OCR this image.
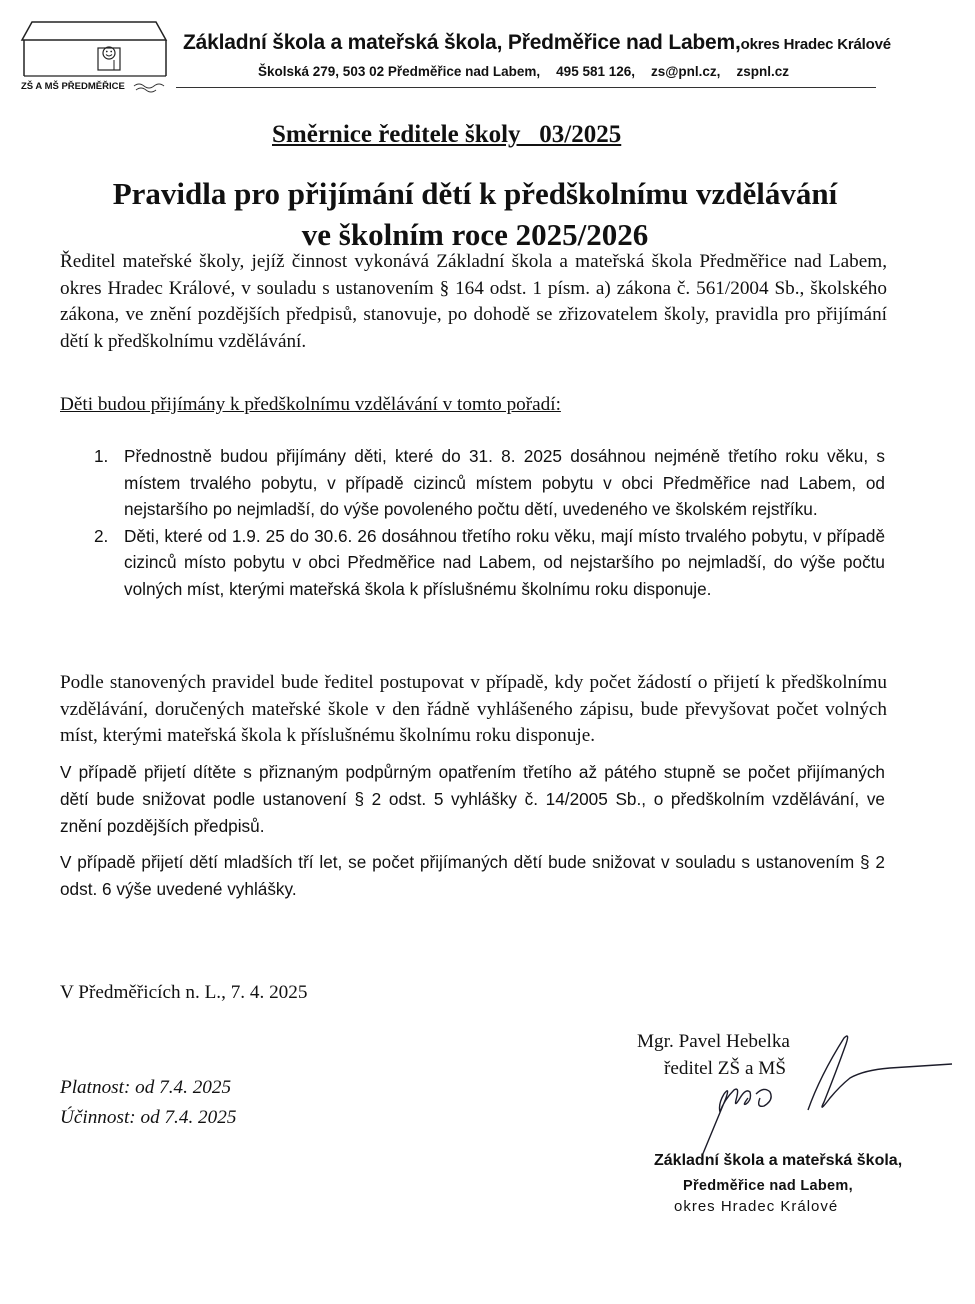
ZŠ A MŠ PŘEDMĚŘICE
Základní škola a mateřská škola, Předměřice nad Labem,okres Hradec Králové
Školská 279, 503 02 Předměřice nad Labem, 495 581 126, zs@pnl.cz, zspnl.cz
Směrnice ředitele školy   03/2025
Pravidla pro přijímání dětí k předškolnímu vzdělávání
ve školním roce 2025/2026
Ředitel mateřské školy, jejíž činnost vykonává Základní škola a mateřská škola Předměřice nad Labem, okres Hradec Králové, v souladu s ustanovením § 164 odst. 1 písm. a) zákona č. 561/2004 Sb., školského zákona, ve znění pozdějších předpisů, stanovuje, po dohodě se zřizovatelem školy, pravidla pro přijímání dětí k předškolnímu vzdělávání.
Děti budou přijímány k předškolnímu vzdělávání v tomto pořadí:
1. Přednostně budou přijímány děti, které do 31. 8. 2025 dosáhnou nejméně třetího roku věku, s místem trvalého pobytu, v případě cizinců místem pobytu v obci Předměřice nad Labem, od nejstaršího po nejmladší, do výše povoleného počtu dětí, uvedeného ve školském rejstříku.
2. Děti, které od 1.9. 25 do 30.6. 26 dosáhnou třetího roku věku, mají místo trvalého pobytu, v případě cizinců místo pobytu v obci Předměřice nad Labem, od nejstaršího po nejmladší, do výše počtu volných míst, kterými mateřská škola k příslušnému školnímu roku disponuje.
Podle stanovených pravidel bude ředitel postupovat v případě, kdy počet žádostí o přijetí k předškolnímu vzdělávání, doručených mateřské škole v den řádně vyhlášeného zápisu, bude převyšovat počet volných míst, kterými mateřská škola k příslušnému školnímu roku disponuje.
V případě přijetí dítěte s přiznaným podpůrným opatřením třetího až pátého stupně se počet přijímaných dětí bude snižovat podle ustanovení § 2 odst. 5 vyhlášky č. 14/2005 Sb., o předškolním vzdělávání, ve znění pozdějších předpisů.
V případě přijetí dětí mladších tří let, se počet přijímaných dětí bude snižovat v souladu s ustanovením § 2 odst. 6 výše uvedené vyhlášky.
V Předměřicích n. L., 7. 4. 2025
Mgr. Pavel Hebelka
ředitel ZŠ a MŠ
Platnost: od 7.4. 2025
Účinnost: od 7.4. 2025
Základní škola a mateřská škola,
Předměřice nad Labem,
okres Hradec Králové
